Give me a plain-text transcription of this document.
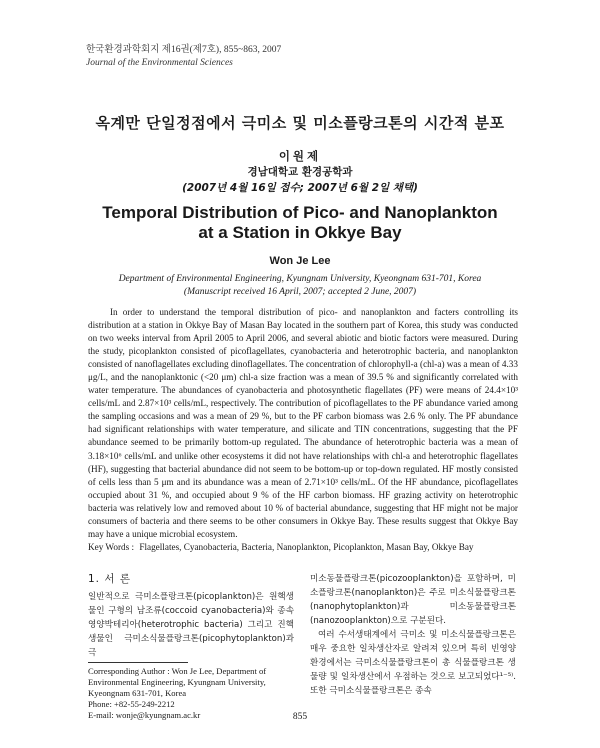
한국환경과학회지 제16권(제7호), 855~863, 2007
Journal of the Environmental Sciences
옥계만 단일정점에서 극미소 및 미소플랑크톤의 시간적 분포
이원제
경남대학교 환경공학과
(2007년 4월 16일 접수; 2007년 6월 2일 채택)
Temporal Distribution of Pico- and Nanoplankton
at a Station in Okkye Bay
Won Je Lee
Department of Environmental Engineering, Kyungnam University, Kyeongnam 631-701, Korea
(Manuscript received 16 April, 2007; accepted 2 June, 2007)

In order to understand the temporal distribution of pico- and nanoplankton and facters controlling its distribution at a station in Okkye Bay of Masan Bay located in the southern part of Korea, this study was conducted on two weeks interval from April 2005 to April 2006, and several abiotic and biotic factors were measured. During the study, picoplankton consisted of picoflagellates, cyanobacteria and heterotrophic bacteria, and nanoplankton consisted of nanoflagellates excluding dinoflagellates. The concentration of chlorophyll-a (chl-a) was a mean of 4.33 μg/L, and the nanoplanktonic (<20 μm) chl-a size fraction was a mean of 39.5 % and significantly correlated with water temperature. The abundances of cyanobacteria and photosynthetic flagellates (PF) were means of 24.4×10³ cells/mL and 2.87×10³ cells/mL, respectively. The contribution of picoflagellates to the PF abundance varied among the sampling occasions and was a mean of 29 %, but to the PF carbon biomass was 2.6 % only. The PF abundance had significant relationships with water temperature, and silicate and TIN concentrations, suggesting that the PF abundance seemed to be primarily bottom-up regulated. The abundance of heterotrophic bacteria was a mean of 3.18×10⁶ cells/mL and unlike other ecosystems it did not have relationships with chl-a and heterotrophic flagellates (HF), suggesting that bacterial abundance did not seem to be bottom-up or top-down regulated. HF mostly consisted of cells less than 5 μm and its abundance was a mean of 2.71×10³ cells/mL. Of the HF abundance, picoflagellates occupied about 31 %, and occupied about 9 % of the HF carbon biomass. HF grazing activity on heterotrophic bacteria was relatively low and removed about 10 % of bacterial abundance, suggesting that HF might not be major consumers of bacteria and there seems to be other consumers in Okkye Bay. These results suggest that Okkye Bay may have a unique microbial ecosystem.

Key Words : Flagellates, Cyanobacteria, Bacteria, Nanoplankton, Picoplankton, Masan Bay, Okkye Bay
1. 서 론

일반적으로 극미소플랑크톤(picoplankton)은 원핵생물인 구형의 남조류(coccoid cyanobacteria)와 종속영양박테리아(heterotrophic bacteria) 그리고 진핵생물인 극미소식물플랑크톤(picophytoplankton)과 극

미소동물플랑크톤(picozooplankton)을 포함하며, 미소플랑크톤(nanoplankton)은 주로 미소식물플랑크톤(nanophytoplankton)과 미소동물플랑크톤(nanozooplankton)으로 구분된다.

여러 수서생태계에서 극미소 및 미소식물플랑크톤은 매우 중요한 일차생산자로 알려져 있으며 특히 빈영양환경에서는 극미소식물플랑크톤이 총 식물플랑크톤 생물량 및 일차생산에서 우점하는 것으로 보고되었다¹⁻⁵⁾. 또한 극미소식물플랑크톤은 종속

Corresponding Author : Won Je Lee, Department of Environmental Engineering, Kyungnam University, Kyeongnam 631-701, Korea
Phone: +82-55-249-2212
E-mail: wonje@kyungnam.ac.kr	855
